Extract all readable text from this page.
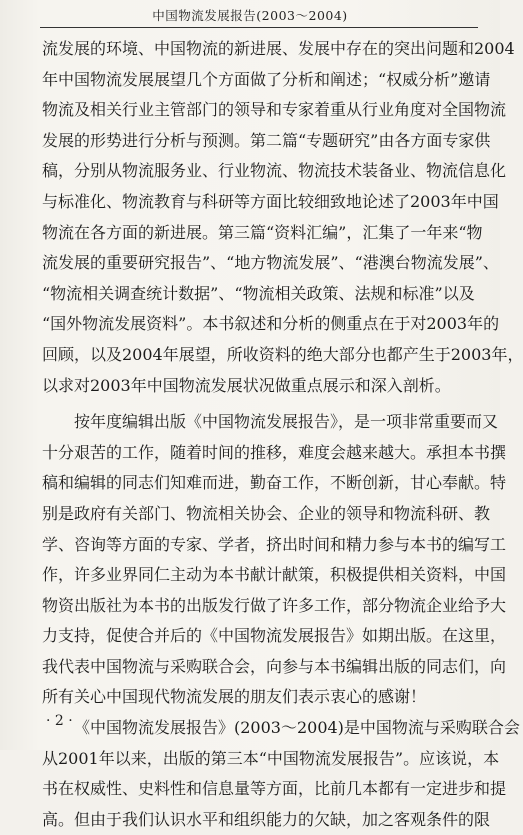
中国物流发展报告(2003～2004)
流发展的环境、中国物流的新进展、发展中存在的突出问题和2004
年中国物流发展展望几个方面做了分析和阐述；“权威分析”邀请
物流及相关行业主管部门的领导和专家着重从行业角度对全国物流
发展的形势进行分析与预测。第二篇“专题研究”由各方面专家供
稿，分别从物流服务业、行业物流、物流技术装备业、物流信息化
与标准化、物流教育与科研等方面比较细致地论述了2003年中国
物流在各方面的新进展。第三篇“资料汇编”，汇集了一年来“物
流发展的重要研究报告”、“地方物流发展”、“港澳台物流发展”、
“物流相关调查统计数据”、“物流相关政策、法规和标准”以及
“国外物流发展资料”。本书叙述和分析的侧重点在于对2003年的
回顾，以及2004年展望，所收资料的绝大部分也都产生于2003年，
以求对2003年中国物流发展状况做重点展示和深入剖析。
按年度编辑出版《中国物流发展报告》，是一项非常重要而又
十分艰苦的工作，随着时间的推移，难度会越来越大。承担本书撰
稿和编辑的同志们知难而进，勤奋工作，不断创新，甘心奉献。特
别是政府有关部门、物流相关协会、企业的领导和物流科研、教
学、咨询等方面的专家、学者，挤出时间和精力参与本书的编写工
作，许多业界同仁主动为本书献计献策，积极提供相关资料，中国
物资出版社为本书的出版发行做了许多工作，部分物流企业给予大
力支持，促使合并后的《中国物流发展报告》如期出版。在这里，
我代表中国物流与采购联合会，向参与本书编辑出版的同志们，向
所有关心中国现代物流发展的朋友们表示衷心的感谢！
《中国物流发展报告》(2003～2004)是中国物流与采购联合会
从2001年以来，出版的第三本“中国物流发展报告”。应该说，本
书在权威性、史料性和信息量等方面，比前几本都有一定进步和提
高。但由于我们认识水平和组织能力的欠缺，加之客观条件的限
· 2 ·
